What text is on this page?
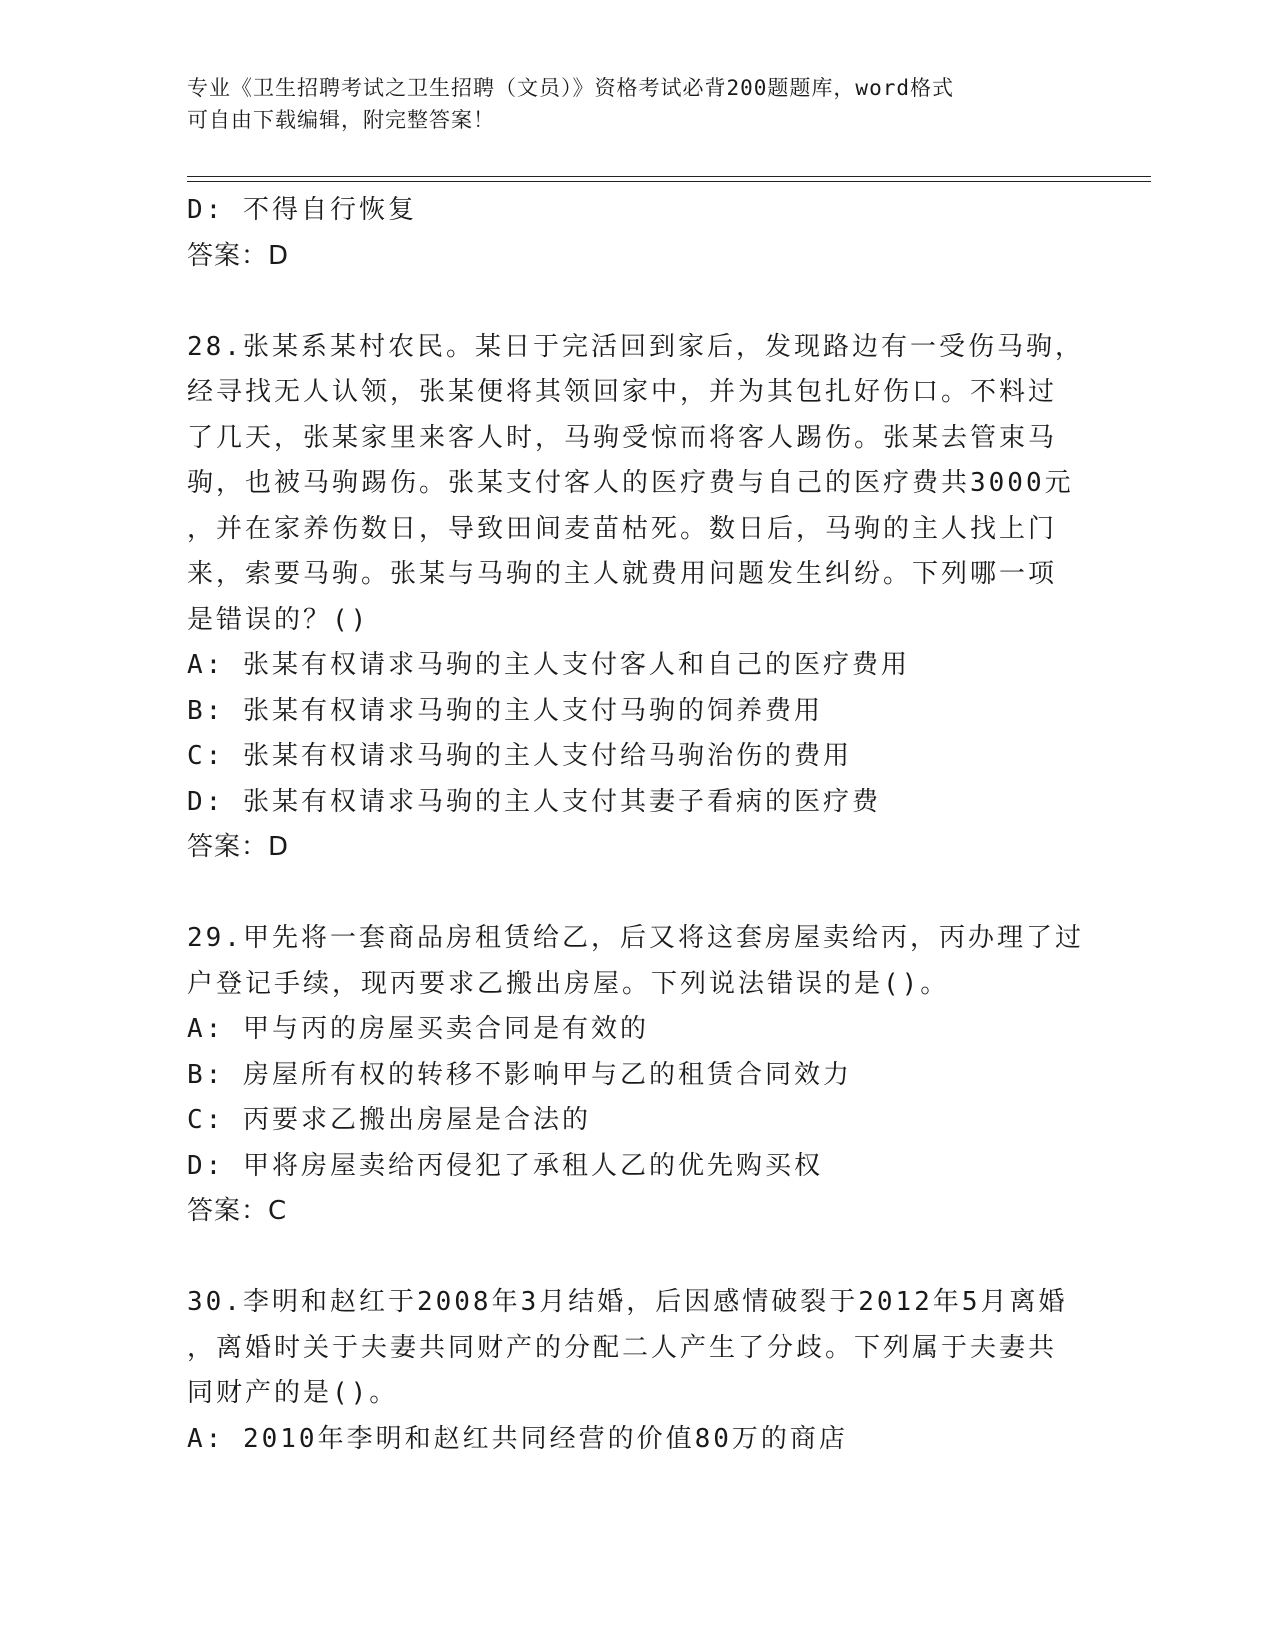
专业《卫生招聘考试之卫生招聘（文员）》资格考试必背200题题库，word格式
可自由下载编辑，附完整答案！
D: 不得自行恢复
答案：D
28.张某系某村农民。某日于完活回到家后，发现路边有一受伤马驹，
经寻找无人认领，张某便将其领回家中，并为其包扎好伤口。不料过
了几天，张某家里来客人时，马驹受惊而将客人踢伤。张某去管束马
驹，也被马驹踢伤。张某支付客人的医疗费与自己的医疗费共3000元
，并在家养伤数日，导致田间麦苗枯死。数日后，马驹的主人找上门
来，索要马驹。张某与马驹的主人就费用问题发生纠纷。下列哪一项
是错误的？()
A: 张某有权请求马驹的主人支付客人和自己的医疗费用
B: 张某有权请求马驹的主人支付马驹的饲养费用
C: 张某有权请求马驹的主人支付给马驹治伤的费用
D: 张某有权请求马驹的主人支付其妻子看病的医疗费
答案：D
29.甲先将一套商品房租赁给乙，后又将这套房屋卖给丙，丙办理了过
户登记手续，现丙要求乙搬出房屋。下列说法错误的是()。
A: 甲与丙的房屋买卖合同是有效的
B: 房屋所有权的转移不影响甲与乙的租赁合同效力
C: 丙要求乙搬出房屋是合法的
D: 甲将房屋卖给丙侵犯了承租人乙的优先购买权
答案：C
30.李明和赵红于2008年3月结婚，后因感情破裂于2012年5月离婚
，离婚时关于夫妻共同财产的分配二人产生了分歧。下列属于夫妻共
同财产的是()。
A: 2010年李明和赵红共同经营的价值80万的商店
